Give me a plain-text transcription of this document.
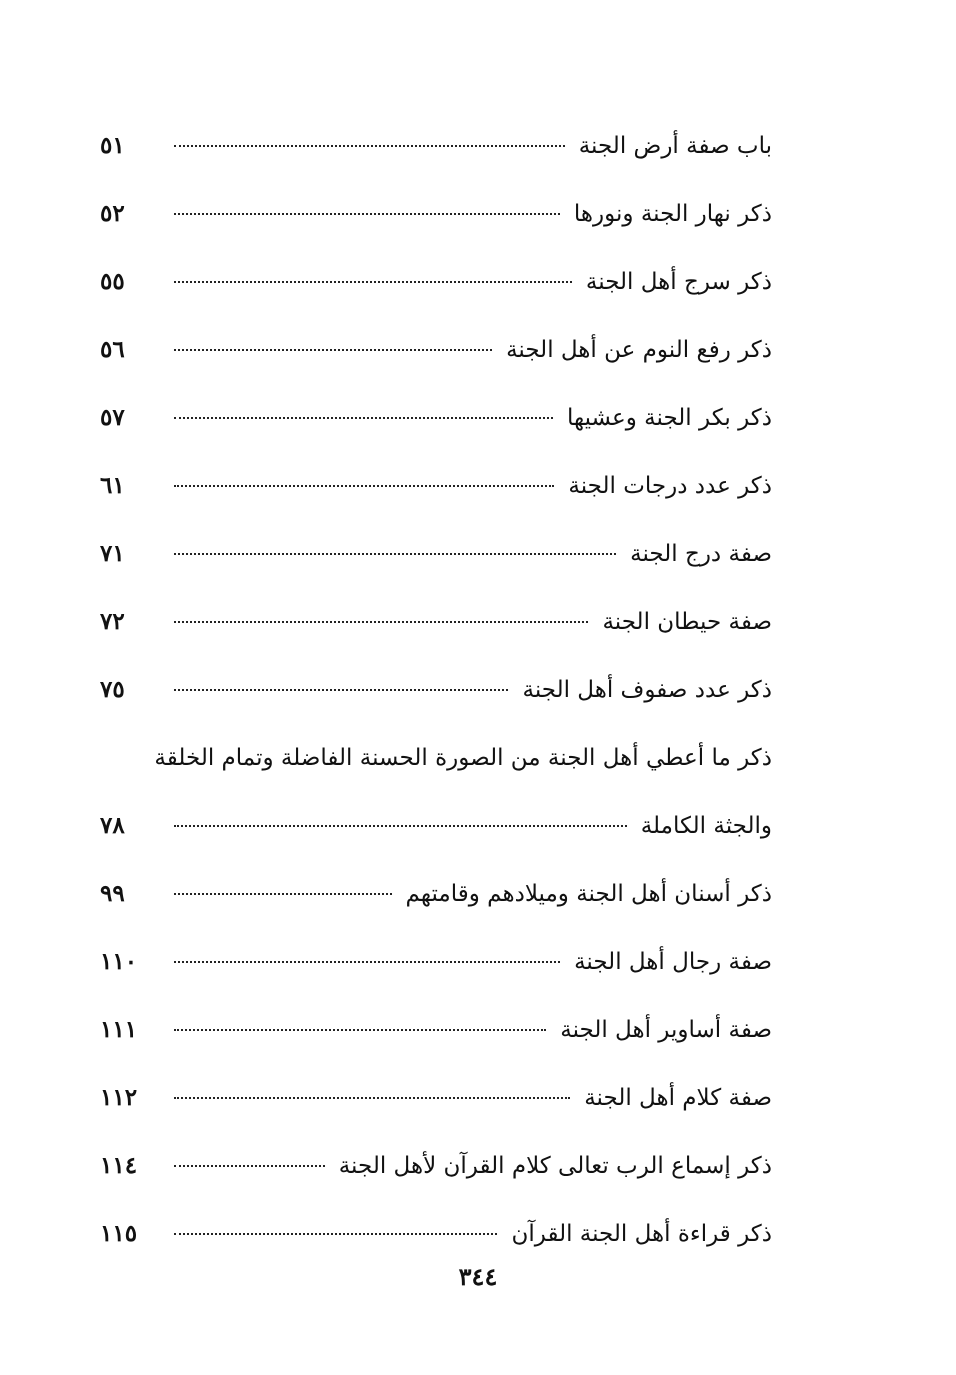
باب صفة أرض الجنة
٥١
ذكر نهار الجنة ونورها
٥٢
ذكر سرج أهل الجنة
٥٥
ذكر رفع النوم عن أهل الجنة
٥٦
ذكر بكر الجنة وعشيها
٥٧
ذكر عدد درجات الجنة
٦١
صفة درج الجنة
٧١
صفة حيطان الجنة
٧٢
ذكر عدد صفوف أهل الجنة
٧٥
ذكر ما أعطي أهل الجنة من الصورة الحسنة الفاضلة وتمام الخلقة
والجثة الكاملة
٧٨
ذكر أسنان أهل الجنة وميلادهم وقامتهم
٩٩
صفة رجال أهل الجنة
١١٠
صفة أساوير أهل الجنة
١١١
صفة كلام أهل الجنة
١١٢
ذكر إسماع الرب تعالى كلام القرآن لأهل الجنة
١١٤
ذكر قراءة أهل الجنة القرآن
١١٥
٣٤٤
